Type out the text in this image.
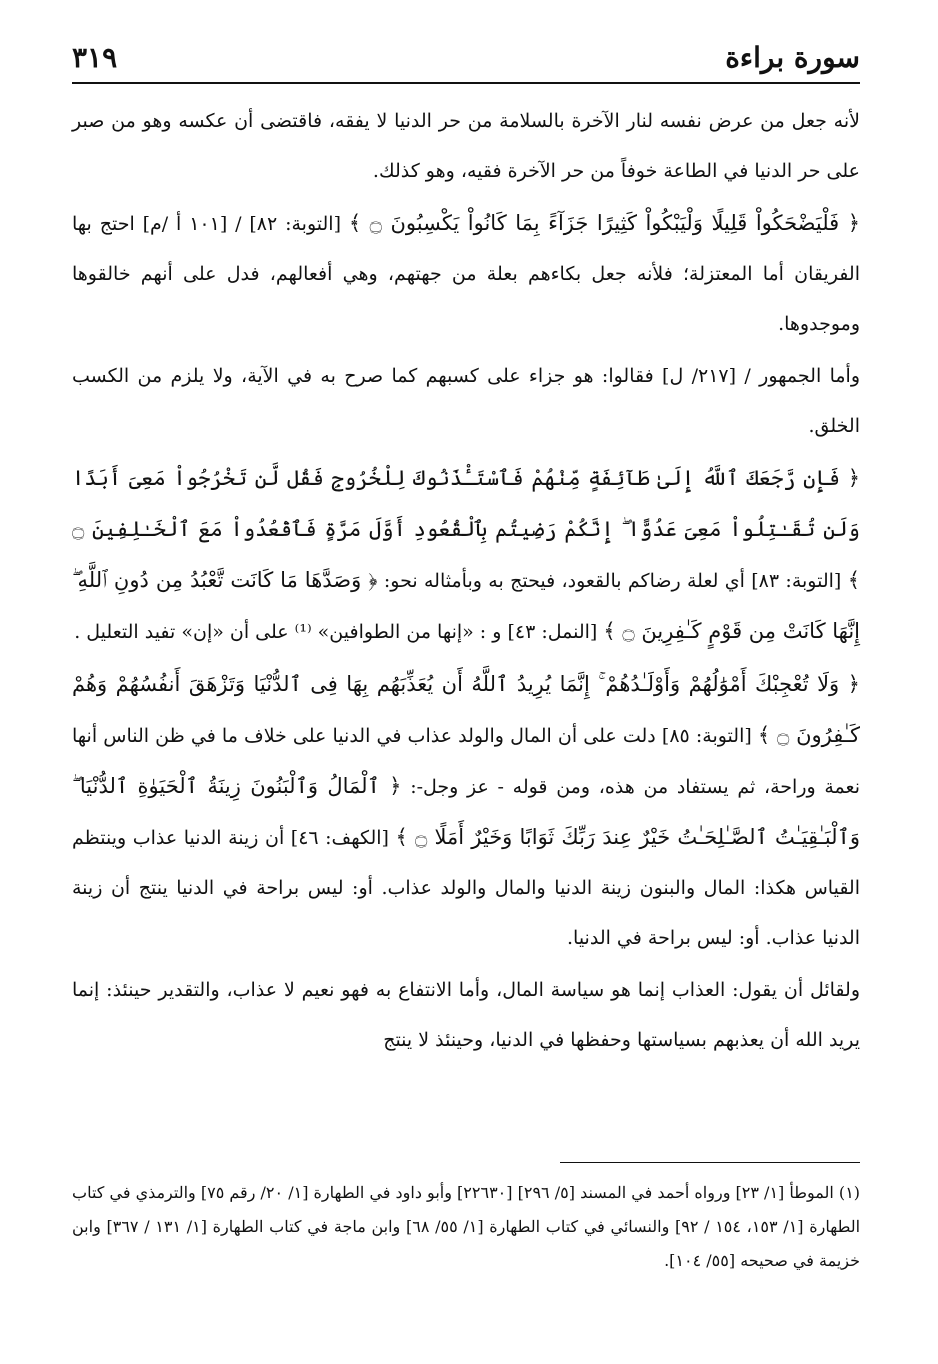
سورة براءة
٣١٩

لأنه جعل من عرض نفسه لنار الآخرة بالسلامة من حر الدنيا لا يفقه، فاقتضى أن عكسه وهو من صبر على حر الدنيا في الطاعة خوفاً من حر الآخرة فقيه، وهو كذلك.

﴿ فَلْيَضْحَكُواْ قَلِيلًا وَلْيَبْكُواْ كَثِيرًا جَزَآءً بِمَا كَانُواْ يَكْسِبُونَ ۝ ﴾ [التوبة: ٨٢] / [١٠١ أ /م] احتج بها الفريقان أما المعتزلة؛ فلأنه جعل بكاءهم بعلة من جهتهم، وهي أفعالهم، فدل على أنهم خالقوها وموجدوها.

وأما الجمهور / [٢١٧/ ل] فقالوا: هو جزاء على كسبهم كما صرح به في الآية، ولا يلزم من الكسب الخلق.

﴿ فَإِن رَّجَعَكَ ٱللَّهُ إِلَىٰ طَآئِفَةٍ مِّنْهُمْ فَٱسْتَـْٔذَنُوكَ لِلْخُرُوجِ فَقُل لَّن تَخْرُجُواْ مَعِىَ أَبَدًا وَلَن تُقَـٰتِلُواْ مَعِىَ عَدُوًّا ۖ إِنَّكُمْ رَضِيتُم بِٱلْقُعُودِ أَوَّلَ مَرَّةٍ فَٱقْعُدُواْ مَعَ ٱلْخَـٰلِفِينَ ۝ ﴾ [التوبة: ٨٣] أي لعلة رضاكم بالقعود، فيحتج به وبأمثاله نحو: ﴿ وَصَدَّهَا مَا كَانَت تَّعْبُدُ مِن دُونِ ٱللَّهِ ۖ إِنَّهَا كَانَتْ مِن قَوْمٍ كَـٰفِرِينَ ۝ ﴾ [النمل: ٤٣] و : «إنها من الطوافين» ⁽¹⁾ على أن «إن» تفيد التعليل .

﴿ وَلَا تُعْجِبْكَ أَمْوَٰلُهُمْ وَأَوْلَـٰدُهُمْ ۚ إِنَّمَا يُرِيدُ ٱللَّهُ أَن يُعَذِّبَهُم بِهَا فِى ٱلدُّنْيَا وَتَزْهَقَ أَنفُسُهُمْ وَهُمْ كَـٰفِرُونَ ۝ ﴾ [التوبة: ٨٥] دلت على أن المال والولد عذاب في الدنيا على خلاف ما في ظن الناس أنها نعمة وراحة، ثم يستفاد من هذه، ومن قوله - عز وجل-: ﴿ ٱلْمَالُ وَٱلْبَنُونَ زِينَةُ ٱلْحَيَوٰةِ ٱلدُّنْيَا ۖ وَٱلْبَـٰقِيَـٰتُ ٱلصَّـٰلِحَـٰتُ خَيْرٌ عِندَ رَبِّكَ ثَوَابًا وَخَيْرٌ أَمَلًا ۝ ﴾ [الكهف: ٤٦] أن زينة الدنيا عذاب وينتظم القياس هكذا: المال والبنون زينة الدنيا والمال والولد عذاب. أو: ليس براحة في الدنيا ينتج أن زينة الدنيا عذاب. أو: ليس براحة في الدنيا.

ولقائل أن يقول: العذاب إنما هو سياسة المال، وأما الانتفاع به فهو نعيم لا عذاب، والتقدير حينئذ: إنما يريد الله أن يعذبهم بسياستها وحفظها في الدنيا، وحينئذ لا ينتج

(١) الموطأ [١/ ٢٣] ورواه أحمد في المسند [٥/ ٢٩٦] [٢٢٦٣٠] وأبو داود في الطهارة [١/ ٢٠/ رقم ٧٥] والترمذي في كتاب الطهارة [١/ ١٥٣، ١٥٤ / ٩٢] والنسائي في كتاب الطهارة [١/ ٥٥/ ٦٨] وابن ماجة في كتاب الطهارة [١/ ١٣١ / ٣٦٧] وابن خزيمة في صحيحه [٥٥/ ١٠٤].
